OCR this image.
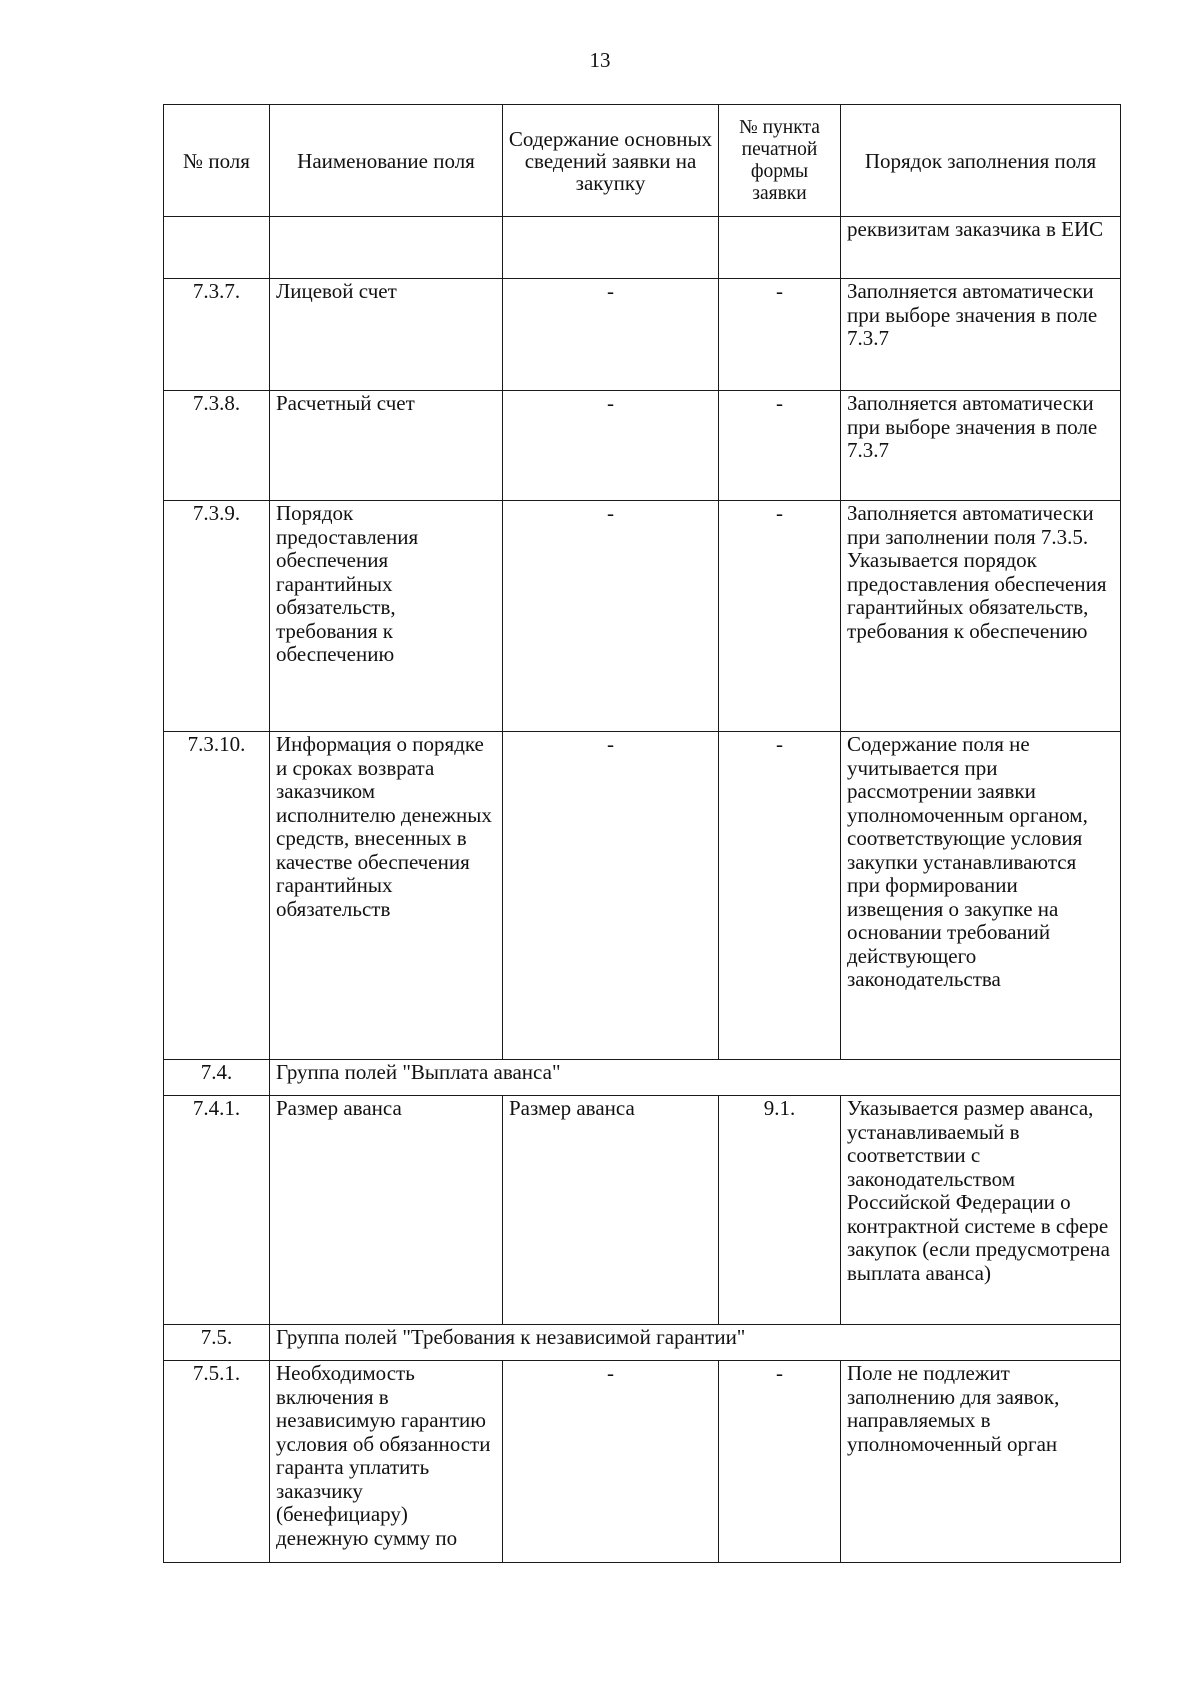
13
№ поля	Наименование поля	Содержание основных сведений заявки на закупку	№ пункта печатной формы заявки	Порядок заполнения поля
				реквизитам заказчика в ЕИС
7.3.7.	Лицевой счет	-	-	Заполняется автоматически при выборе значения в поле 7.3.7
7.3.8.	Расчетный счет	-	-	Заполняется автоматически при выборе значения в поле 7.3.7
7.3.9.	Порядок предоставления обеспечения гарантийных обязательств, требования к обеспечению	-	-	Заполняется автоматически при заполнении поля 7.3.5. Указывается порядок предоставления обеспечения гарантийных обязательств, требования к обеспечению
7.3.10.	Информация о порядке и сроках возврата заказчиком исполнителю денежных средств, внесенных в качестве обеспечения гарантийных обязательств	-	-	Содержание поля не учитывается при рассмотрении заявки уполномоченным органом, соответствующие условия закупки устанавливаются при формировании извещения о закупке на основании требований действующего законодательства
7.4.	Группа полей "Выплата аванса"			
7.4.1.	Размер аванса	Размер аванса	9.1.	Указывается размер аванса, устанавливаемый в соответствии с законодательством Российской Федерации о контрактной системе в сфере закупок (если предусмотрена выплата аванса)
7.5.	Группа полей "Требования к независимой гарантии"			
7.5.1.	Необходимость включения в независимую гарантию условия об обязанности гаранта уплатить заказчику (бенефициару) денежную сумму по	-	-	Поле не подлежит заполнению для заявок, направляемых в уполномоченный орган
